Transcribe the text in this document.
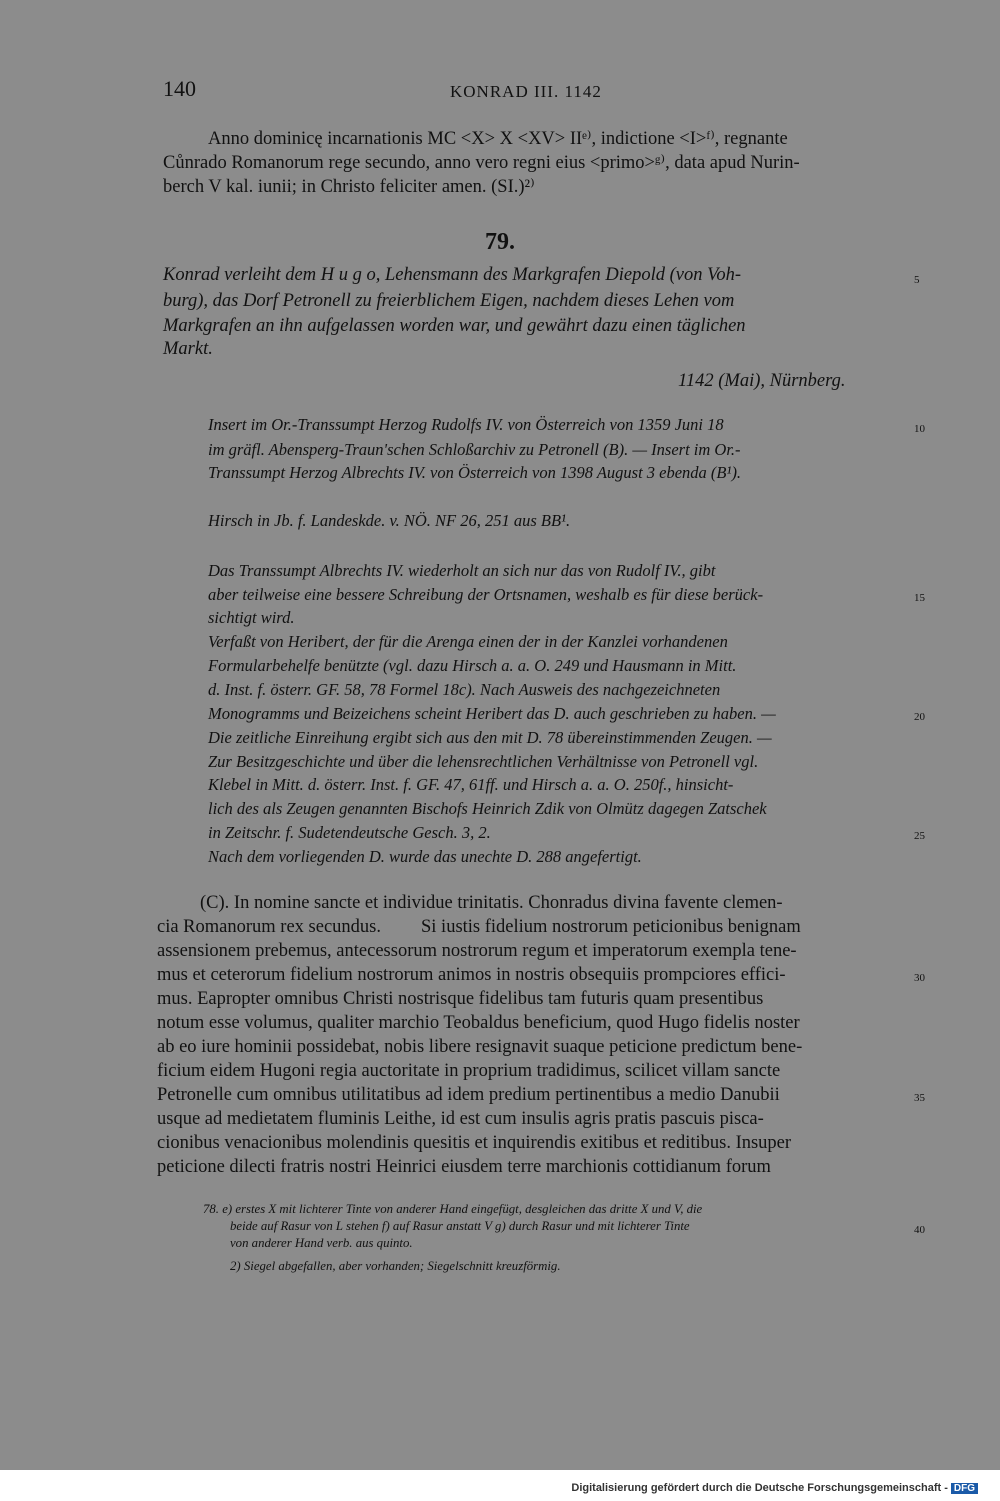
140	KONRAD III. 1142
Anno dominicę incarnationis MC <X> X <XV> IIᵉ⁾, indictione <I>ᶠ⁾, regnante
Cůnrado Romanorum rege secundo, anno vero regni eius <primo>ᵍ⁾, data apud Nurin-
berch V kal. iunii; in Christo feliciter amen. (SI.)²⁾
79.
Konrad verleiht dem H u g o, Lehensmann des Markgrafen Diepold (von Voh-
burg), das Dorf Petronell zu freierblichem Eigen, nachdem dieses Lehen vom
Markgrafen an ihn aufgelassen worden war, und gewährt dazu einen täglichen
Markt.
1142 (Mai), Nürnberg.
Insert im Or.-Transsumpt Herzog Rudolfs IV. von Österreich von 1359 Juni 18
im gräfl. Abensperg-Traun'schen Schloßarchiv zu Petronell (B). — Insert im Or.-
Transsumpt Herzog Albrechts IV. von Österreich von 1398 August 3 ebenda (B¹).
Hirsch in Jb. f. Landeskde. v. NÖ. NF 26, 251 aus BB¹.
Das Transsumpt Albrechts IV. wiederholt an sich nur das von Rudolf IV., gibt
aber teilweise eine bessere Schreibung der Ortsnamen, weshalb es für diese berück-
sichtigt wird.
Verfaßt von Heribert, der für die Arenga einen der in der Kanzlei vorhandenen
Formularbehelfe benützte (vgl. dazu Hirsch a. a. O. 249 und Hausmann in Mitt.
d. Inst. f. österr. GF. 58, 78 Formel 18c). Nach Ausweis des nachgezeichneten
Monogramms und Beizeichens scheint Heribert das D. auch geschrieben zu haben. —
Die zeitliche Einreihung ergibt sich aus den mit D. 78 übereinstimmenden Zeugen. —
Zur Besitzgeschichte und über die lehensrechtlichen Verhältnisse von Petronell vgl.
Klebel in Mitt. d. österr. Inst. f. GF. 47, 61ff. und Hirsch a. a. O. 250f., hinsicht-
lich des als Zeugen genannten Bischofs Heinrich Zdik von Olmütz dagegen Zatschek
in Zeitschr. f. Sudetendeutsche Gesch. 3, 2.
Nach dem vorliegenden D. wurde das unechte D. 288 angefertigt.
(C). In nomine sancte et individue trinitatis. Chonradus divina favente clemen-
cia Romanorum rex secundus. Si iustis fidelium nostrorum peticionibus benignam
assensionem prebemus, antecessorum nostrorum regum et imperatorum exempla tene-
mus et ceterorum fidelium nostrorum animos in nostris obsequiis prompciores effici-
mus. Eapropter omnibus Christi nostrisque fidelibus tam futuris quam presentibus
notum esse volumus, qualiter marchio Teobaldus beneficium, quod Hugo fidelis noster
ab eo iure hominii possidebat, nobis libere resignavit suaque peticione predictum bene-
ficium eidem Hugoni regia auctoritate in proprium tradidimus, scilicet villam sancte
Petronelle cum omnibus utilitatibus ad idem predium pertinentibus a medio Danubii
usque ad medietatem fluminis Leithe, id est cum insulis agris pratis pascuis pisca-
cionibus venacionibus molendinis quesitis et inquirendis exitibus et reditibus. Insuper
peticione dilecti fratris nostri Heinrici eiusdem terre marchionis cottidianum forum
78. e) erstes X mit lichterer Tinte von anderer Hand eingefügt, desgleichen das dritte X und V, die
beide auf Rasur von L stehen f) auf Rasur anstatt V g) durch Rasur und mit lichterer Tinte
von anderer Hand verb. aus quinto.
2) Siegel abgefallen, aber vorhanden; Siegelschnitt kreuzförmig.
5
10
15
20
25
30
35
40
Digitalisierung gefördert durch die Deutsche Forschungsgemeinschaft - DFG
